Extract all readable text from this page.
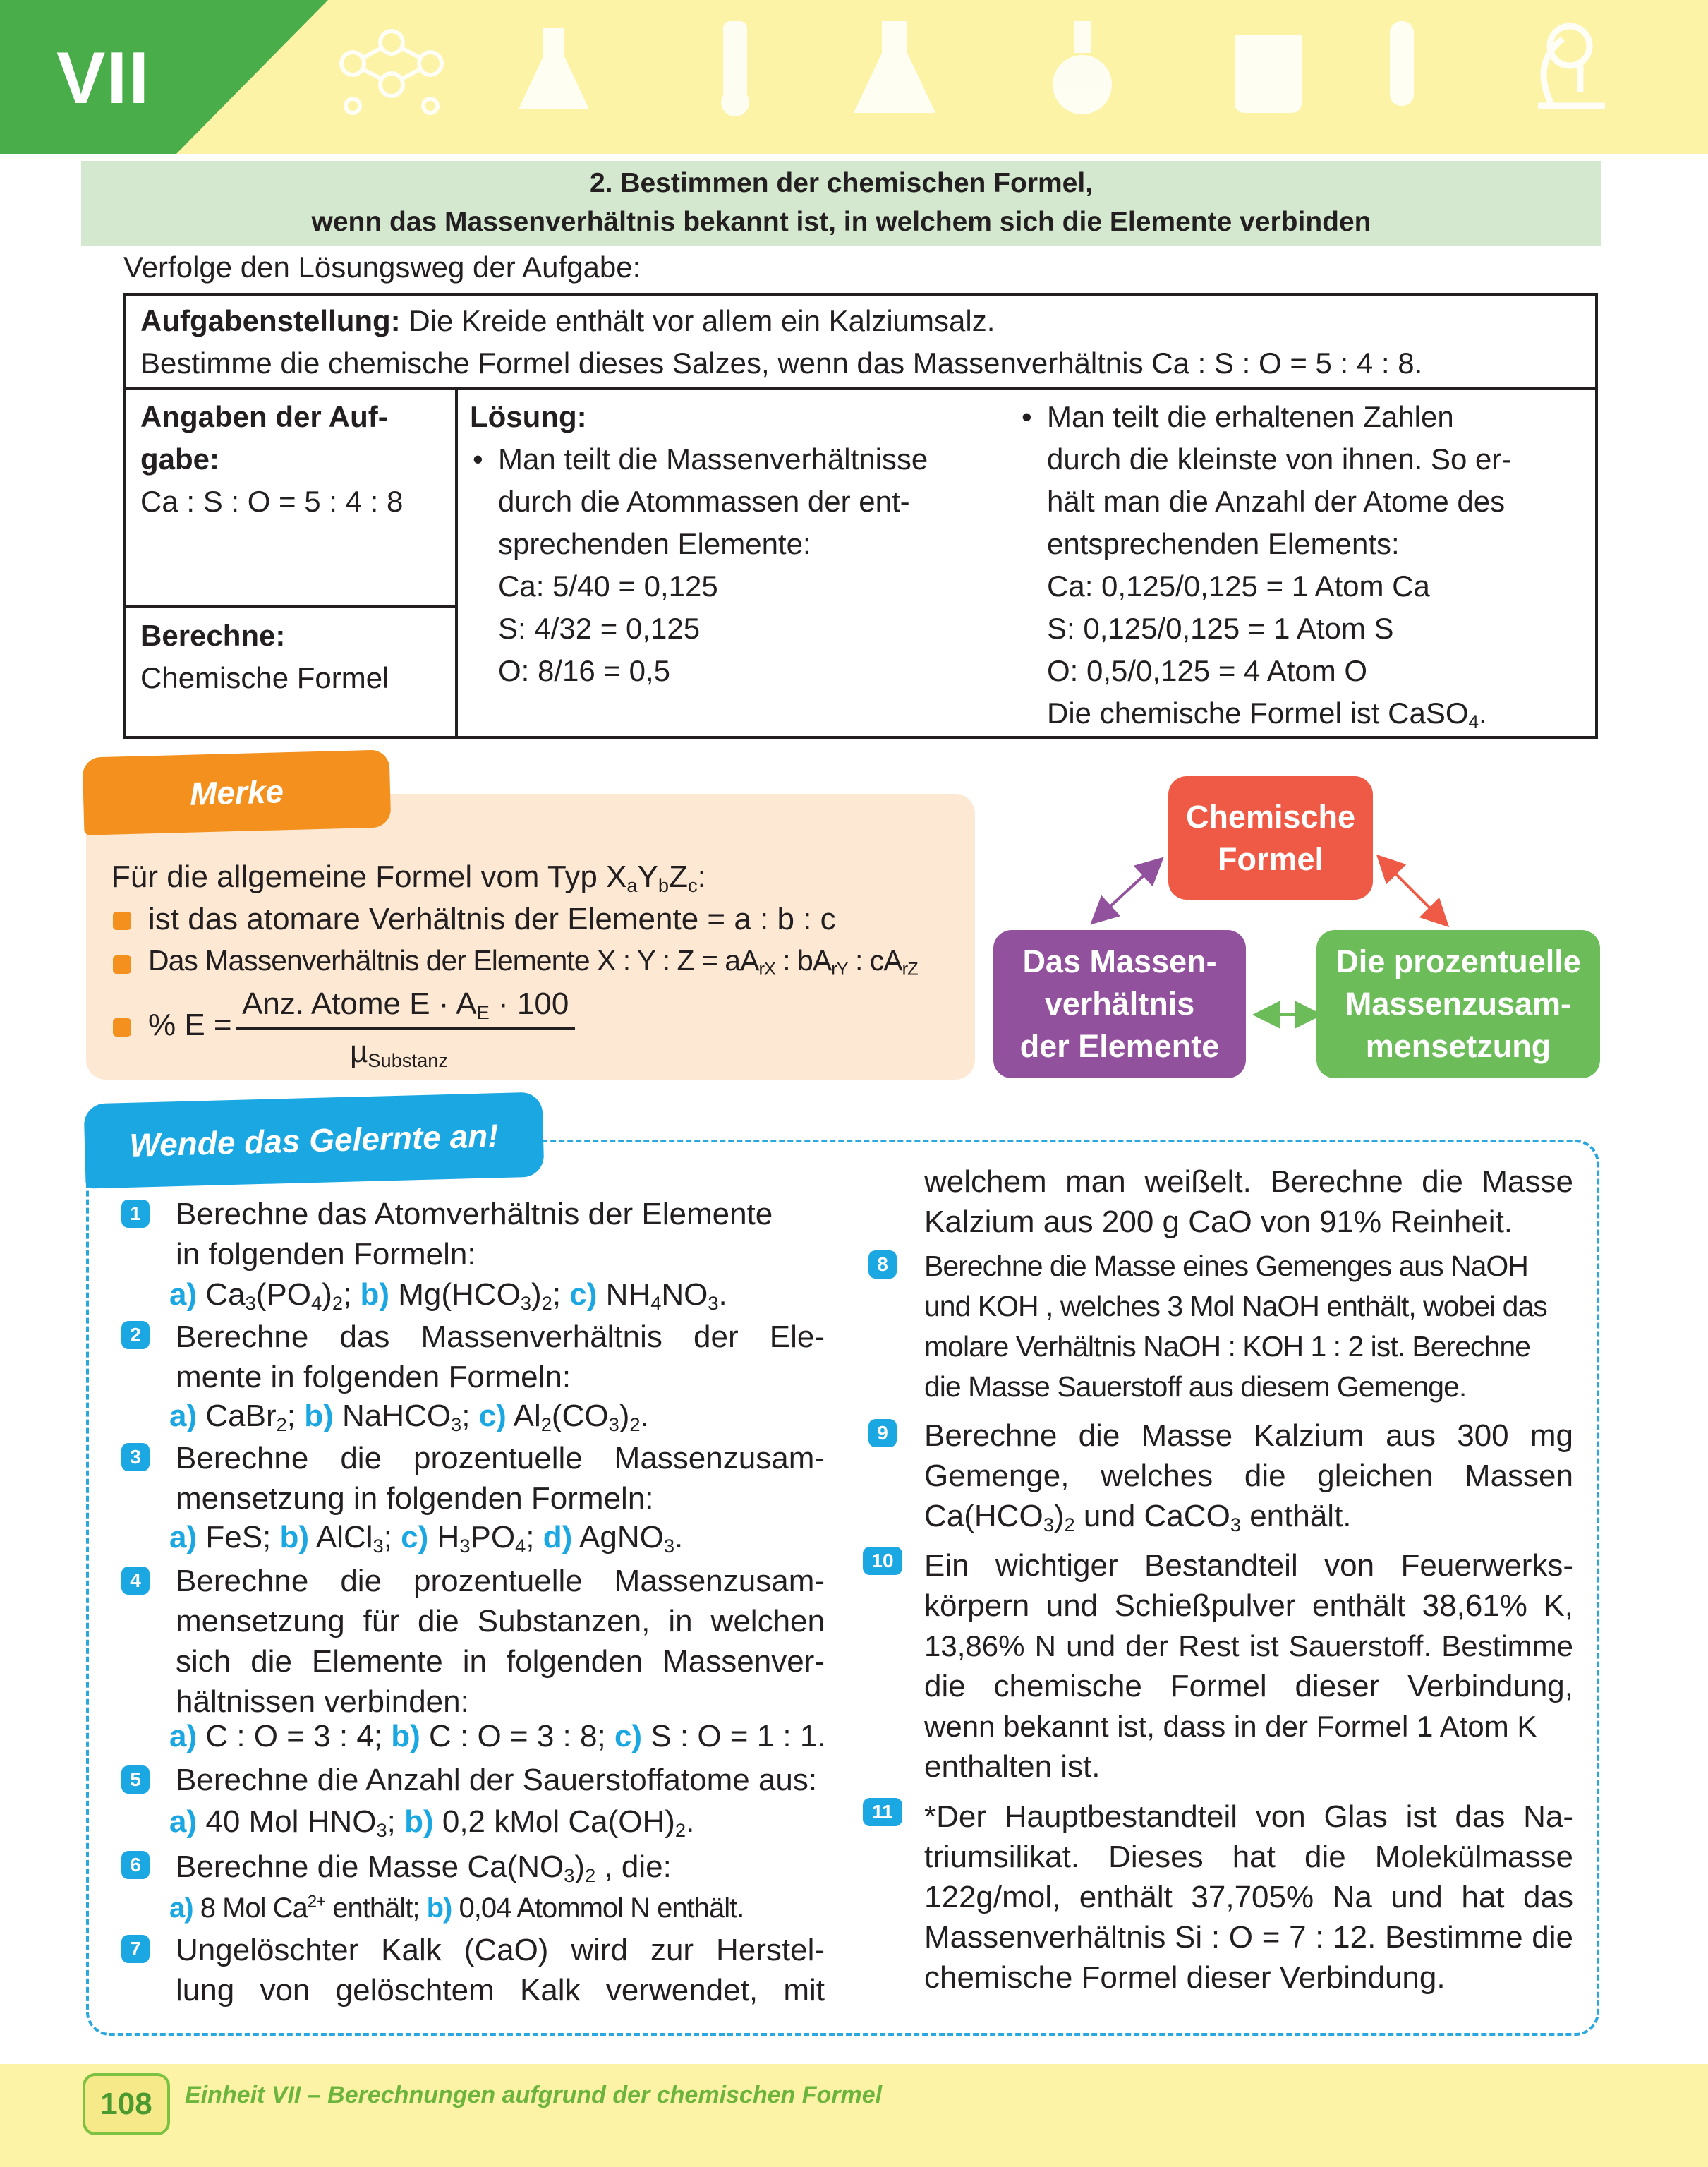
VII
2. Bestimmen der chemischen Formel,
wenn das Massenverhältnis bekannt ist, in welchem sich die Elemente verbinden
Verfolge den Lösungsweg der Aufgabe:
Aufgabenstellung: Die Kreide enthält vor allem ein Kalziumsalz.
Bestimme die chemische Formel dieses Salzes, wenn das Massenverhältnis Ca : S : O = 5 : 4 : 8.
Angaben der Auf-
gabe:
Ca : S : O = 5 : 4 : 8
Berechne:
Chemische Formel
Lösung:
• Man teilt die Massenverhältnisse
durch die Atommassen der ent-
sprechenden Elemente:
Ca: 5/40 = 0,125
S: 4/32 = 0,125
O: 8/16 = 0,5
• Man teilt die erhaltenen Zahlen
durch die kleinste von ihnen. So er-
hält man die Anzahl der Atome des
entsprechenden Elements:
Ca: 0,125/0,125 = 1 Atom Ca
S: 0,125/0,125 = 1 Atom S
O: 0,5/0,125 = 4 Atom O
Die chemische Formel ist CaSO$_4$.
Merke
Für die allgemeine Formel vom Typ $X_aY_bZ_c$:
ist das atomare Verhältnis der Elemente = a : b : c
Das Massenverhältnis der Elemente X : Y : $Z = aA_{rX}$ : $bA_{rY}$ : $cA_{rZ}$
% E =
Anz. Atome $E \cdot A_E \cdot 100$
µ$_{Substanz}$
Chemische
Formel
Das Massen-
verhältnis
der Elemente
Die prozentuelle
Massenzusam-
mensetzung
Wende das Gelernte an!
1 Berechne das Atomverhältnis der Elemente
in folgenden Formeln:
a) $Ca_3(PO_4)_2$; b) $Mg(HCO_3)_2$; c) $NH_4NO_3$.
2 Berechne das Massenverhältnis der Ele-
mente in folgenden Formeln:
a) CaBr$_2$; b) NaHCO$_3$; c) $Al_2(CO_3)_2$.
3 Berechne die prozentuelle Massenzusam-
mensetzung in folgenden Formeln:
a) FeS; b) AlCl$_3$; c) $H_3PO_4$; d) AgNO$_3$.
4 Berechne die prozentuelle Massenzusam-
mensetzung für die Substanzen, in welchen
sich die Elemente in folgenden Massenver-
hältnissen verbinden:
a) C : O = 3 : 4; b) C : O = 3 : 8; c) S : O = 1 : 1.
5 Berechne die Anzahl der Sauerstoffatome aus:
a) 40 Mol $HNO_3$; b) 0,2 kMol $Ca(OH)_2$.
6 Berechne die Masse $Ca(NO_3)_2$ , die:
a) 8 Mol $Ca^{2+}$ enthält; b) 0,04 Atommol N enthält.
7 Ungelöschter Kalk (CaO) wird zur Herstel-
lung von gelöschtem Kalk verwendet, mit
welchem man weißelt. Berechne die Masse
Kalzium aus 200 g CaO von 91% Reinheit.
8 Berechne die Masse eines Gemenges aus NaOH
und KOH , welches 3 Mol NaOH enthält, wobei das
molare Verhältnis NaOH : KOH 1 : 2 ist. Berechne
die Masse Sauerstoff aus diesem Gemenge.
9 Berechne die Masse Kalzium aus 300 mg
Gemenge, welches die gleichen Massen
$Ca(HCO_3)_2$ und CaCO$_3$ enthält.
10 Ein wichtiger Bestandteil von Feuerwerks-
körpern und Schießpulver enthält 38,61% K,
13,86% N und der Rest ist Sauerstoff. Bestimme
die chemische Formel dieser Verbindung,
wenn bekannt ist, dass in der Formel 1 Atom K
enthalten ist.
11	*Der Hauptbestandteil von Glas ist das Na-
triumsilikat. Dieses hat die Molekülmasse
122g/mol, enthält 37,705% Na und hat das
Massenverhältnis Si : O = 7 : 12. Bestimme die
chemische Formel dieser Verbindung.
108	Einheit VII – Berechnungen aufgrund der chemischen Formel
